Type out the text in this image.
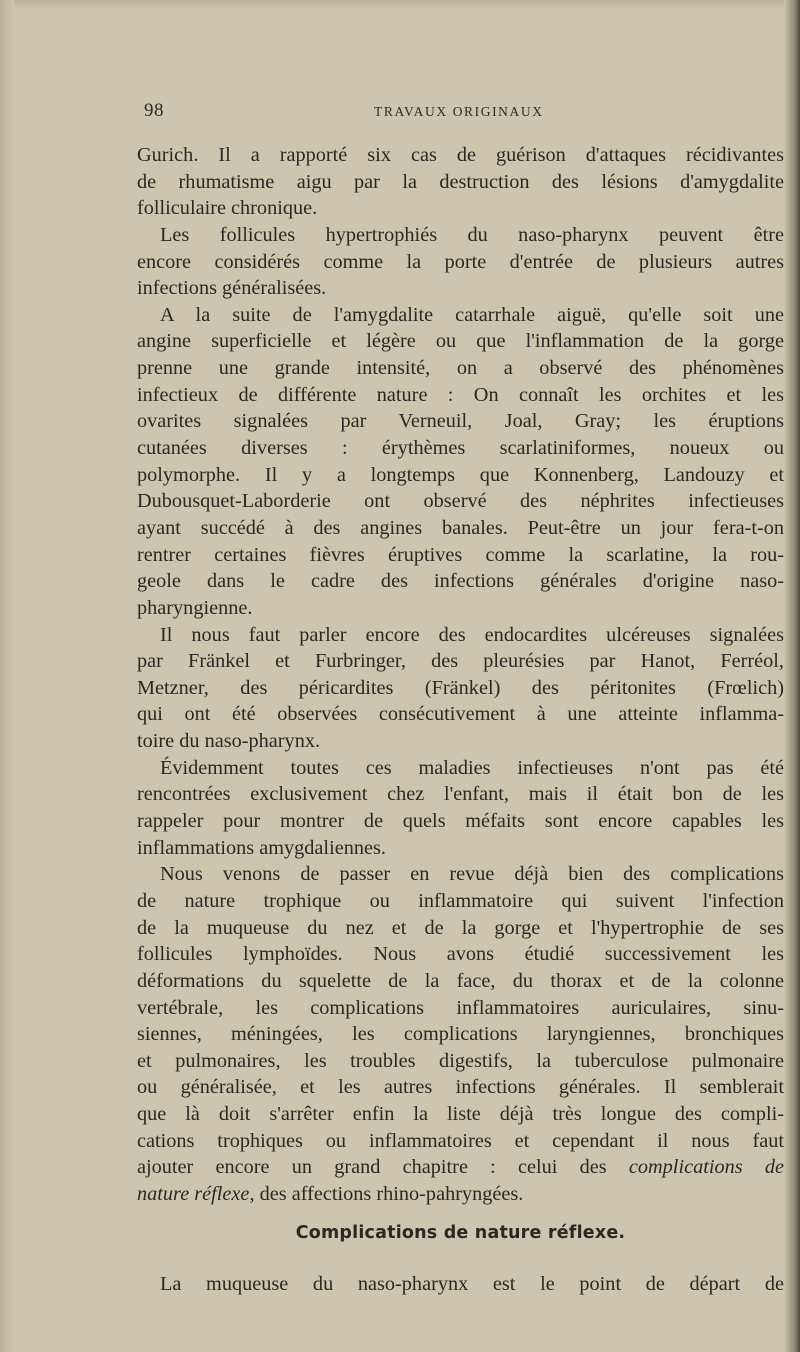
98	TRAVAUX ORIGINAUX
Gurich. Il a rapporté six cas de guérison d'attaques récidivantes
de rhumatisme aigu par la destruction des lésions d'amygdalite
folliculaire chronique.
Les follicules hypertrophiés du naso-pharynx peuvent être
encore considérés comme la porte d'entrée de plusieurs autres
infections généralisées.
A la suite de l'amygdalite catarrhale aiguë, qu'elle soit une
angine superficielle et légère ou que l'inflammation de la gorge
prenne une grande intensité, on a observé des phénomènes
infectieux de différente nature : On connaît les orchites et les
ovarites signalées par Verneuil, Joal, Gray; les éruptions
cutanées diverses : érythèmes scarlatiniformes, noueux ou
polymorphe. Il y a longtemps que Konnenberg, Landouzy et
Dubousquet-Laborderie ont observé des néphrites infectieuses
ayant succédé à des angines banales. Peut-être un jour fera-t-on
rentrer certaines fièvres éruptives comme la scarlatine, la rou-
geole dans le cadre des infections générales d'origine naso-
pharyngienne.
Il nous faut parler encore des endocardites ulcéreuses signalées
par Fränkel et Furbringer, des pleurésies par Hanot, Ferréol,
Metzner, des péricardites (Fränkel) des péritonites (Frœlich)
qui ont été observées consécutivement à une atteinte inflamma-
toire du naso-pharynx.
Évidemment toutes ces maladies infectieuses n'ont pas été
rencontrées exclusivement chez l'enfant, mais il était bon de les
rappeler pour montrer de quels méfaits sont encore capables les
inflammations amygdaliennes.
Nous venons de passer en revue déjà bien des complications
de nature trophique ou inflammatoire qui suivent l'infection
de la muqueuse du nez et de la gorge et l'hypertrophie de ses
follicules lymphoïdes. Nous avons étudié successivement les
déformations du squelette de la face, du thorax et de la colonne
vertébrale, les complications inflammatoires auriculaires, sinu-
siennes, méningées, les complications laryngiennes, bronchiques
et pulmonaires, les troubles digestifs, la tuberculose pulmonaire
ou généralisée, et les autres infections générales. Il semblerait
que là doit s'arrêter enfin la liste déjà très longue des compli-
cations trophiques ou inflammatoires et cependant il nous faut
ajouter encore un grand chapitre : celui des complications de
nature réflexe, des affections rhino-pahryngées.
Complications de nature réflexe.
La muqueuse du naso-pharynx est le point de départ de
